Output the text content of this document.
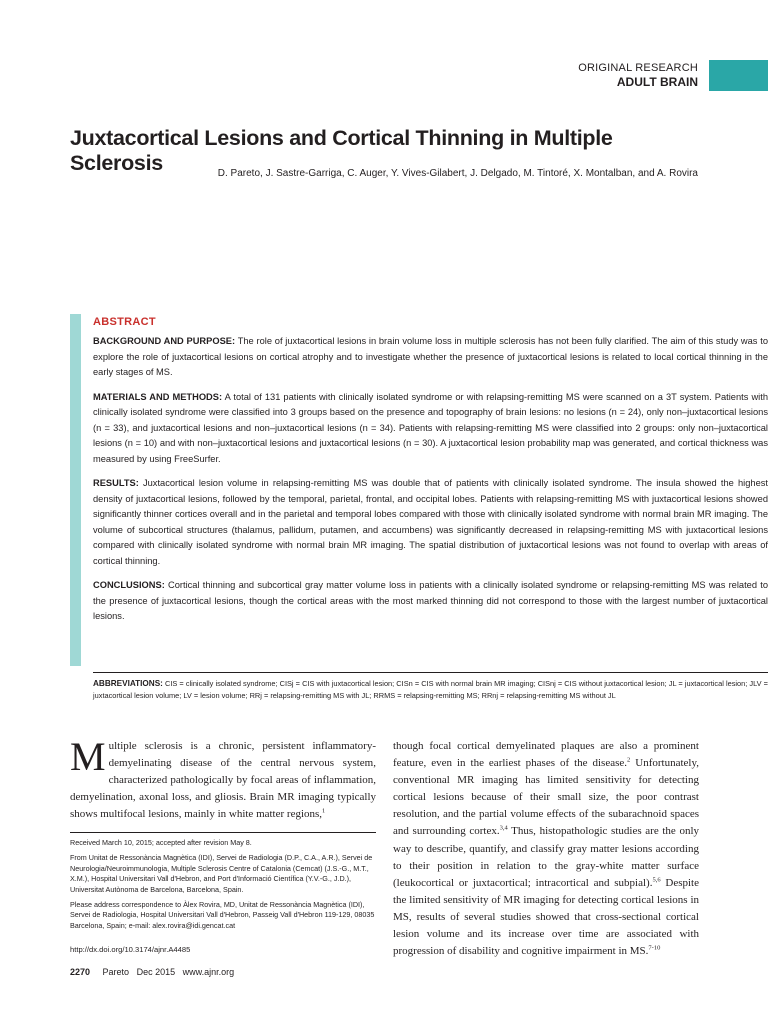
ORIGINAL RESEARCH
ADULT BRAIN
Juxtacortical Lesions and Cortical Thinning in Multiple Sclerosis	D. Pareto, J. Sastre-Garriga, C. Auger, Y. Vives-Gilabert, J. Delgado, M. Tintoré, X. Montalban, and A. Rovira
ABSTRACT

BACKGROUND AND PURPOSE: The role of juxtacortical lesions in brain volume loss in multiple sclerosis has not been fully clarified. The aim of this study was to explore the role of juxtacortical lesions on cortical atrophy and to investigate whether the presence of juxtacortical lesions is related to local cortical thinning in the early stages of MS.

MATERIALS AND METHODS: A total of 131 patients with clinically isolated syndrome or with relapsing-remitting MS were scanned on a 3T system. Patients with clinically isolated syndrome were classified into 3 groups based on the presence and topography of brain lesions: no lesions (n = 24), only non–juxtacortical lesions (n = 33), and juxtacortical lesions and non–juxtacortical lesions (n = 34). Patients with relapsing-remitting MS were classified into 2 groups: only non–juxtacortical lesions (n = 10) and with non–juxtacortical lesions and juxtacortical lesions (n = 30). A juxtacortical lesion probability map was generated, and cortical thickness was measured by using FreeSurfer.

RESULTS: Juxtacortical lesion volume in relapsing-remitting MS was double that of patients with clinically isolated syndrome. The insula showed the highest density of juxtacortical lesions, followed by the temporal, parietal, frontal, and occipital lobes. Patients with relapsing-remitting MS with juxtacortical lesions showed significantly thinner cortices overall and in the parietal and temporal lobes compared with those with clinically isolated syndrome with normal brain MR imaging. The volume of subcortical structures (thalamus, pallidum, putamen, and accumbens) was significantly decreased in relapsing-remitting MS with juxtacortical lesions compared with clinically isolated syndrome with normal brain MR imaging. The spatial distribution of juxtacortical lesions was not found to overlap with areas of cortical thinning.

CONCLUSIONS: Cortical thinning and subcortical gray matter volume loss in patients with a clinically isolated syndrome or relapsing-remitting MS was related to the presence of juxtacortical lesions, though the cortical areas with the most marked thinning did not correspond to those with the largest number of juxtacortical lesions.

ABBREVIATIONS: CIS = clinically isolated syndrome; CISj = CIS with juxtacortical lesion; CISn = CIS with normal brain MR imaging; CISnj = CIS without juxtacortical lesion; JL = juxtacortical lesion; JLV = juxtacortical lesion volume; LV = lesion volume; RRj = relapsing-remitting MS with JL; RRMS = relapsing-remitting MS; RRnj = relapsing-remitting MS without JL
Multiple sclerosis is a chronic, persistent inflammatory-demyelinating disease of the central nervous system, characterized pathologically by focal areas of inflammation, demyelination, axonal loss, and gliosis. Brain MR imaging typically shows multifocal lesions, mainly in white matter regions,$^1$

Received March 10, 2015; accepted after revision May 8.

From Unitat de Ressonància Magnètica (IDI), Servei de Radiologia (D.P., C.A., A.R.), Servei de Neurologia/Neuroimmunologia, Multiple Sclerosis Centre of Catalonia (Cemcat) (J.S.-G., M.T., X.M.), Hospital Universitari Vall d'Hebron, and Port d'Informació Científica (Y.V.-G., J.D.), Universitat Autònoma de Barcelona, Barcelona, Spain.

Please address correspondence to Àlex Rovira, MD, Unitat de Ressonància Magnètica (IDI), Servei de Radiologia, Hospital Universitari Vall d'Hebron, Passeig Vall d'Hebron 119-129, 08035 Barcelona, Spain; e-mail: alex.rovira@idi.gencat.cat

http://dx.doi.org/10.3174/ajnr.A4485
though focal cortical demyelinated plaques are also a prominent feature, even in the earliest phases of the disease.$^2$ Unfortunately, conventional MR imaging has limited sensitivity for detecting cortical lesions because of their small size, the poor contrast resolution, and the partial volume effects of the subarachnoid spaces and surrounding cortex.$^{3,4}$ Thus, histopathologic studies are the only way to describe, quantify, and classify gray matter lesions according to their position in relation to the gray-white matter surface (leukocortical or juxtacortical; intracortical and subpial).$^{5,6}$ Despite the limited sensitivity of MR imaging for detecting cortical lesions in MS, results of several studies showed that cross-sectional cortical lesion volume and its increase over time are associated with progression of disability and cognitive impairment in MS.$^{7-10}$
2270 Pareto Dec 2015 www.ajnr.org
